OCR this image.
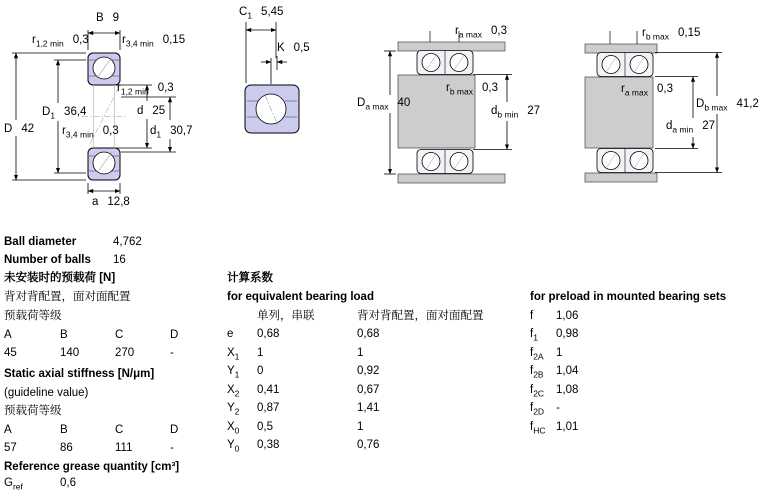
B 9
$r_{1,2 min}$ 0,3	$r_{3,4 min}$ 0,15
$r_{1,2 min}$ 0,3
$D_1$ 36,4	d 25
D 42 $r_{3,4 min}$ 0,3	$d_1$ 30,7
a 12,8
$C_1$ 5,45
K 0,5
$r_{a max}$ 0,3
$D_{a max}$ 40
$r_{b max}$ 0,3
$d_{b min}$ 27
$r_{b max}$ 0,15
$r_{a max}$ 0,3
$D_{b max}$ 41,2
$d_{a min}$ 27
Ball diameter	4,762
Number of balls 16
未安装时的预载荷 [N]
背对背配置，面对面配置
预载荷等级
A	B	C	D
45	140	270	-
Static axial stiffness [N/μm]
(guideline value)
预载荷等级
A	B	C	D
57	86	111	-
Reference grease quantity [cm³]
$G_{ref}$	0,6
计算系数
for equivalent bearing load
单列，串联	背对背配置，面对面配置
e 0,68	0,68
$X_1$ 1	1
$Y_1$ 0	0,92
$X_2$ 0,41	0,67
$Y_2$ 0,87	1,41
$X_0$ 0,5	1
$Y_0$ 0,38	0,76
for preload in mounted bearing sets
f 1,06
$f_1$ 0,98
$f_{2A}$ 1
$f_{2B}$ 1,04
$f_{2C}$ 1,08
$f_{2D}$ -
$f_{HC}$ 1,01
